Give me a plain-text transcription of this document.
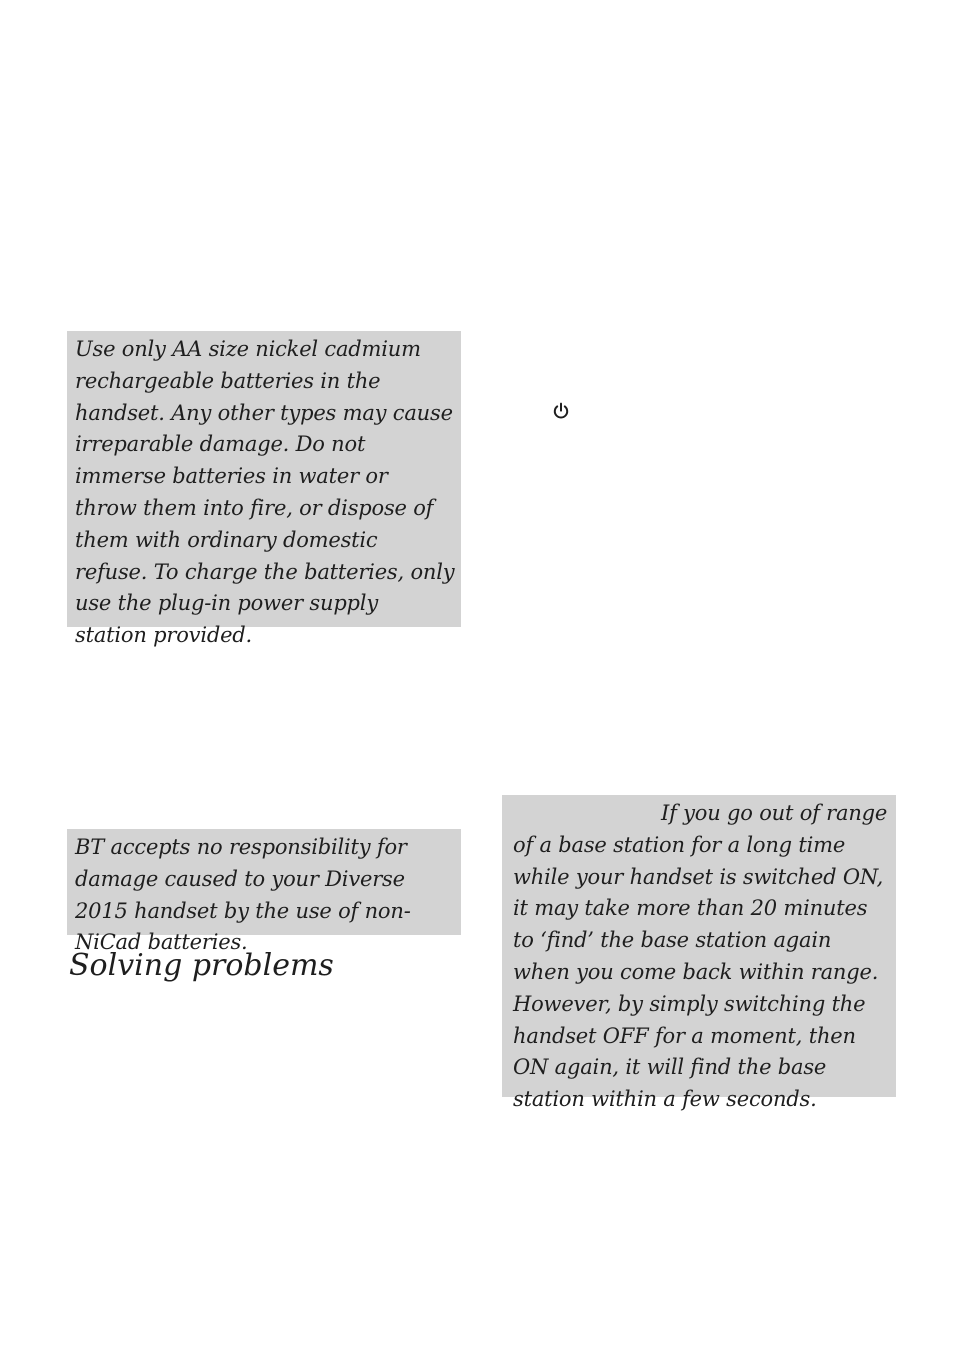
Use only AA size nickel cadmium rechargeable batteries in the handset. Any other types may cause irreparable damage. Do not immerse batteries in water or throw them into fire, or dispose of them with ordinary domestic refuse. To charge the batteries, only use the plug-in power supply station provided.
BT accepts no responsibility for damage caused to your Diverse 2015 handset by the use of non-NiCad batteries.
Solving problems
If you go out of range of a base station for a long time while your handset is switched ON, it may take more than 20 minutes to ‘find’ the base station again when you come back within range. However, by simply switching the handset OFF for a moment, then ON again, it will find the base station within a few seconds.
